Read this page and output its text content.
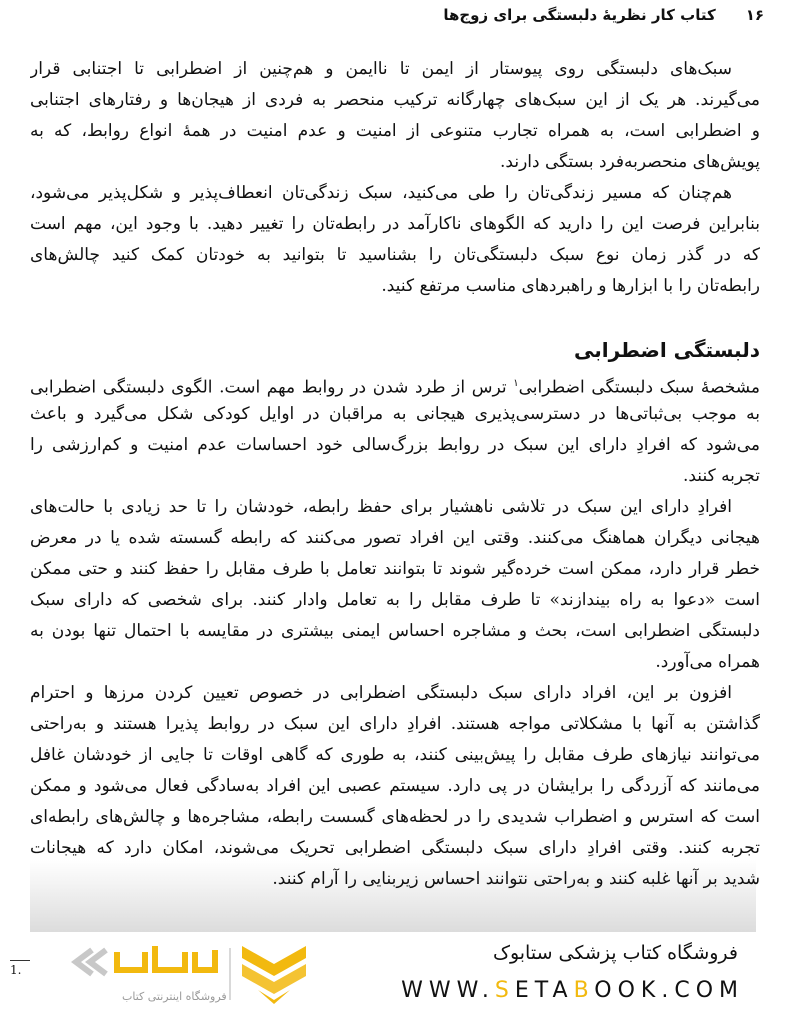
۱۶
کتاب کار نظریهٔ دلبستگی برای زوج‌ها
سبک‌های دلبستگی روی پیوستار از ایمن تا ناایمن و هم‌چنین از اضطرابی تا اجتنابی قرار
می‌گیرند. هر یک از این سبک‌های چهارگانه ترکیب منحصر به فردی از هیجان‌ها و رفتارهای اجتنابی
و اضطرابی است، به همراه تجارب متنوعی از امنیت و عدم امنیت در همهٔ انواع روابط، که به
پویش‌های منحصربه‌فرد بستگی دارند.
هم‌چنان که مسیر زندگی‌تان را طی می‌کنید، سبک زندگی‌تان انعطاف‌پذیر و شکل‌پذیر می‌شود،
بنابراین فرصت این را دارید که الگوهای ناکارآمد در رابطه‌تان را تغییر دهید. با وجود این، مهم است
که در گذر زمان نوع سبک دلبستگی‌تان را بشناسید تا بتوانید به خودتان کمک کنید چالش‌های
رابطه‌تان را با ابزارها و راهبردهای مناسب مرتفع کنید.
دلبستگی اضطرابی
مشخصهٔ سبک دلبستگی اضطرابی$^۱$ ترس از طرد شدن در روابط مهم است. الگوی دلبستگی اضطرابی
به موجب بی‌ثباتی‌ها در دسترسی‌پذیری هیجانی به مراقبان در اوایل کودکی شکل می‌گیرد و باعث
می‌شود که افرادِ دارای این سبک در روابط بزرگ‌سالی خود احساسات عدم امنیت و کم‌ارزشی را
تجربه کنند.
افرادِ دارای این سبک در تلاشی ناهشیار برای حفظ رابطه، خودشان را تا حد زیادی با حالت‌های
هیجانی دیگران هماهنگ می‌کنند. وقتی این افراد تصور می‌کنند که رابطه گسسته شده یا در معرض
خطر قرار دارد، ممکن است خرده‌گیر شوند تا بتوانند تعامل با طرف مقابل را حفظ کنند و حتی ممکن
است «دعوا به راه بیندازند» تا طرف مقابل را به تعامل وادار کنند. برای شخصی که دارای سبک
دلبستگی اضطرابی است، بحث و مشاجره احساس ایمنی بیشتری در مقایسه با احتمال تنها بودن به
همراه می‌آورد.
افزون بر این، افراد دارای سبک دلبستگی اضطرابی در خصوص تعیین کردن مرزها و احترام
گذاشتن به آنها با مشکلاتی مواجه هستند. افرادِ دارای این سبک در روابط پذیرا هستند و به‌راحتی
می‌توانند نیازهای طرف مقابل را پیش‌بینی کنند، به طوری که گاهی اوقات تا جایی از خودشان غافل
می‌مانند که آزردگی را برایشان در پی دارد. سیستم عصبی این افراد به‌سادگی فعال می‌شود و ممکن
است که استرس و اضطراب شدیدی را در لحظه‌های گسست رابطه، مشاجره‌ها و چالش‌های رابطه‌ای
تجربه کنند. وقتی افرادِ دارای سبک دلبستگی اضطرابی تحریک می‌شوند، امکان دارد که هیجانات
شدید بر آنها غلبه کنند و به‌راحتی نتوانند احساس زیربنایی را آرام کنند.
1.
فروشگاه اینترنتی کتاب
فروشگاه کتاب پزشکی ستابوک
WWW.SETABOOK.COM
